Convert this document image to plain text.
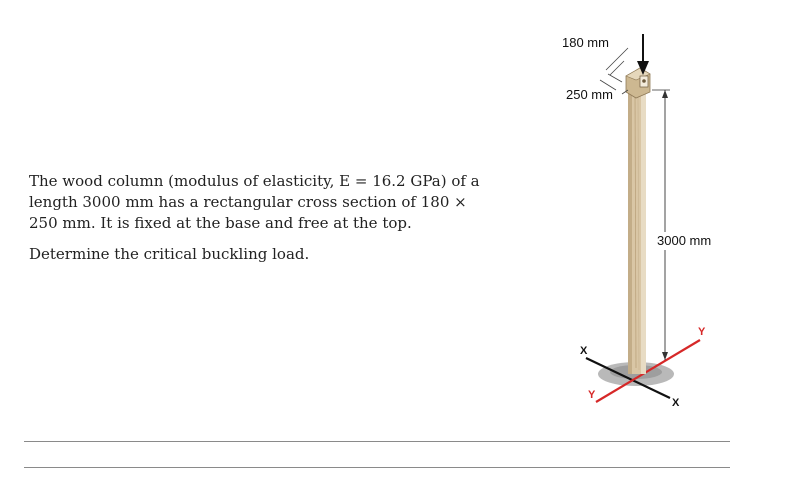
The wood column (modulus of elasticity, E = 16.2 GPa) of a length 3000 mm has a rectangular cross section of 180 × 250 mm. It is fixed at the base and free at the top.

Determine the critical buckling load.

180 mm
250 mm
3000 mm
X
X
Y
Y
